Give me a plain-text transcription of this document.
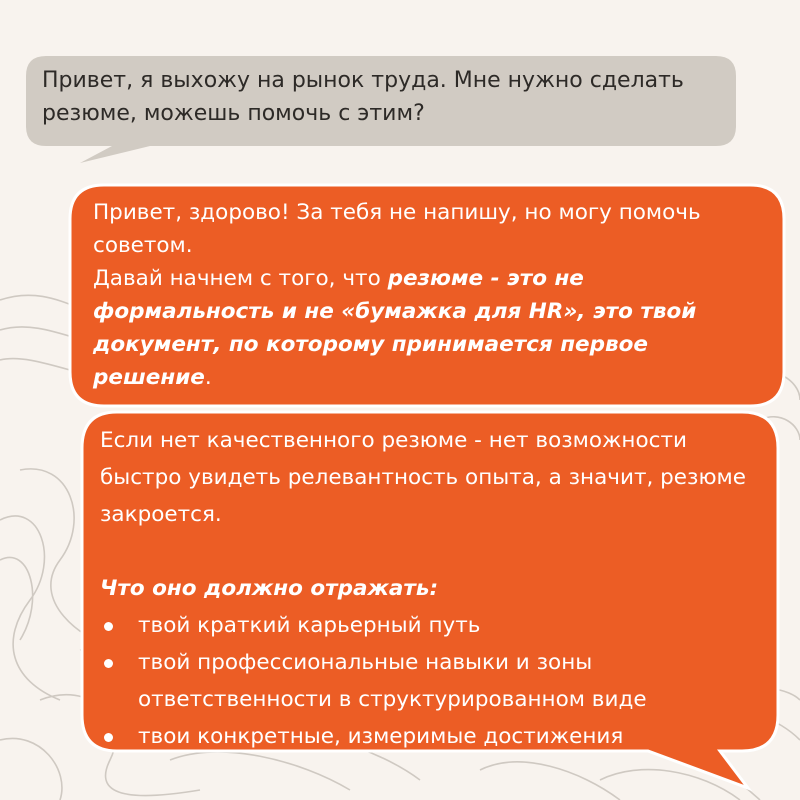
Привет, я выхожу на рынок труда. Мне нужно сделать резюме, можешь помочь с этим?
Привет, здорово! За тебя не напишу, но могу помочь советом.
Давай начнем с того, что резюме - это не формальность и не «бумажка для HR», это твой документ, по которому принимается первое решение.
Если нет качественного резюме - нет возможности быстро увидеть релевантность опыта, а значит, резюме закроется.
Что оно должно отражать:
твой краткий карьерный путь
твой профессиональные навыки и зоны ответственности в структурированном виде
твои конкретные, измеримые достижения
